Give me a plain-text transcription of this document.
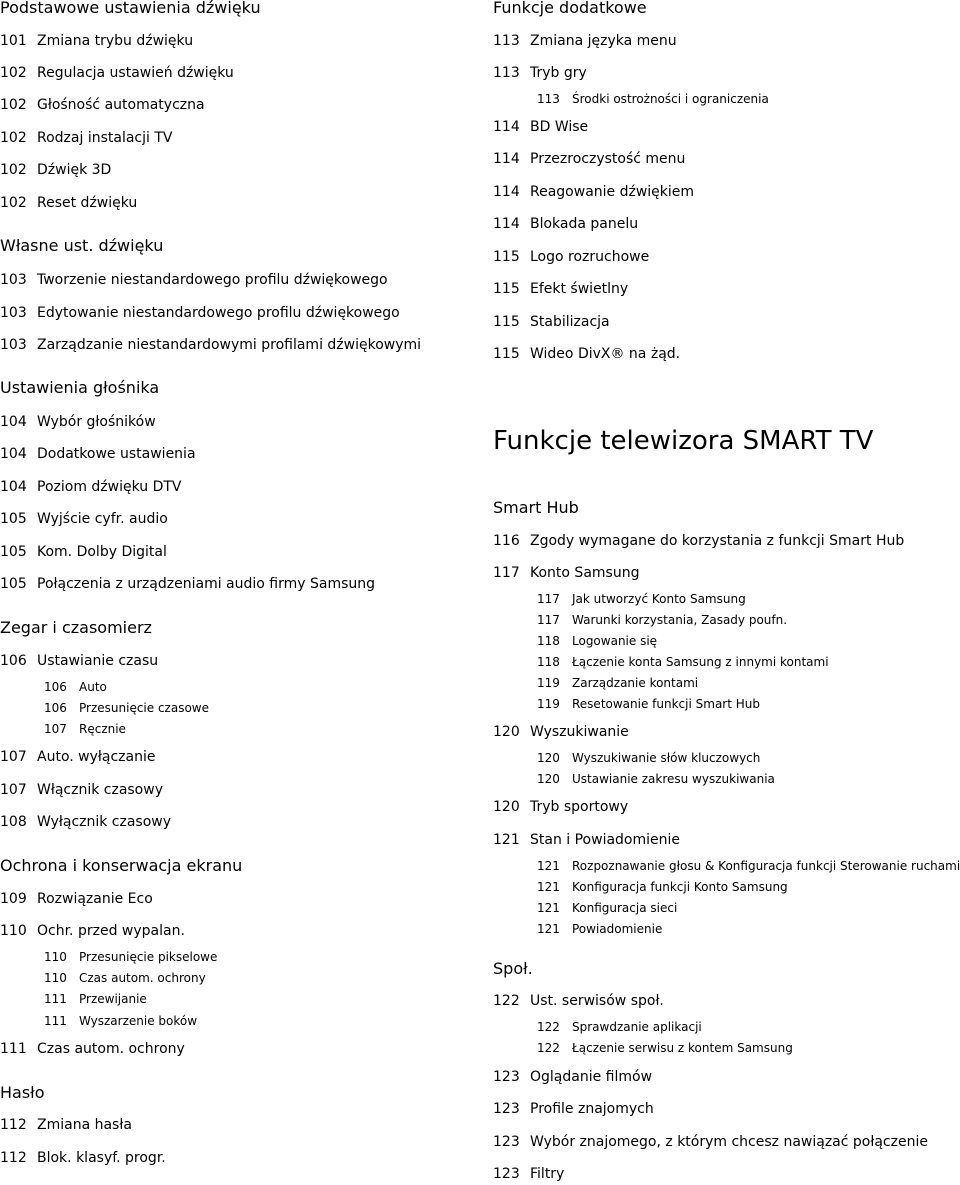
Podstawowe ustawienia dźwięku
101 Zmiana trybu dźwięku
102 Regulacja ustawień dźwięku
102 Głośność automatyczna
102 Rodzaj instalacji TV
102 Dźwięk 3D
102 Reset dźwięku
Własne ust. dźwięku
103 Tworzenie niestandardowego profilu dźwiękowego
103 Edytowanie niestandardowego profilu dźwiękowego
103 Zarządzanie niestandardowymi profilami dźwiękowymi
Ustawienia głośnika
104 Wybór głośników
104 Dodatkowe ustawienia
104 Poziom dźwięku DTV
105 Wyjście cyfr. audio
105 Kom. Dolby Digital
105 Połączenia z urządzeniami audio firmy Samsung
Zegar i czasomierz
106 Ustawianie czasu
106 Auto
106 Przesunięcie czasowe
107 Ręcznie
107 Auto. wyłączanie
107 Włącznik czasowy
108 Wyłącznik czasowy
Ochrona i konserwacja ekranu
109 Rozwiązanie Eco
110 Ochr. przed wypalan.
110 Przesunięcie pikselowe
110 Czas autom. ochrony
111 Przewijanie
111 Wyszarzenie boków
111 Czas autom. ochrony
Hasło
112 Zmiana hasła
112 Blok. klasyf. progr.
Funkcje dodatkowe
113 Zmiana języka menu
113 Tryb gry
113 Środki ostrożności i ograniczenia
114 BD Wise
114 Przezroczystość menu
114 Reagowanie dźwiękiem
114 Blokada panelu
115 Logo rozruchowe
115 Efekt świetlny
115 Stabilizacja
115 Wideo DivX® na żąd.
Funkcje telewizora SMART TV
Smart Hub
116 Zgody wymagane do korzystania z funkcji Smart Hub
117 Konto Samsung
117 Jak utworzyć Konto Samsung
117 Warunki korzystania, Zasady poufn.
118 Logowanie się
118 Łączenie konta Samsung z innymi kontami
119 Zarządzanie kontami
119 Resetowanie funkcji Smart Hub
120 Wyszukiwanie
120 Wyszukiwanie słów kluczowych
120 Ustawianie zakresu wyszukiwania
120 Tryb sportowy
121 Stan i Powiadomienie
121 Rozpoznawanie głosu & Konfiguracja funkcji Sterowanie ruchami
121 Konfiguracja funkcji Konto Samsung
121 Konfiguracja sieci
121 Powiadomienie
Społ.
122 Ust. serwisów społ.
122 Sprawdzanie aplikacji
122 Łączenie serwisu z kontem Samsung
123 Oglądanie filmów
123 Profile znajomych
123 Wybór znajomego, z którym chcesz nawiązać połączenie
123 Filtry
